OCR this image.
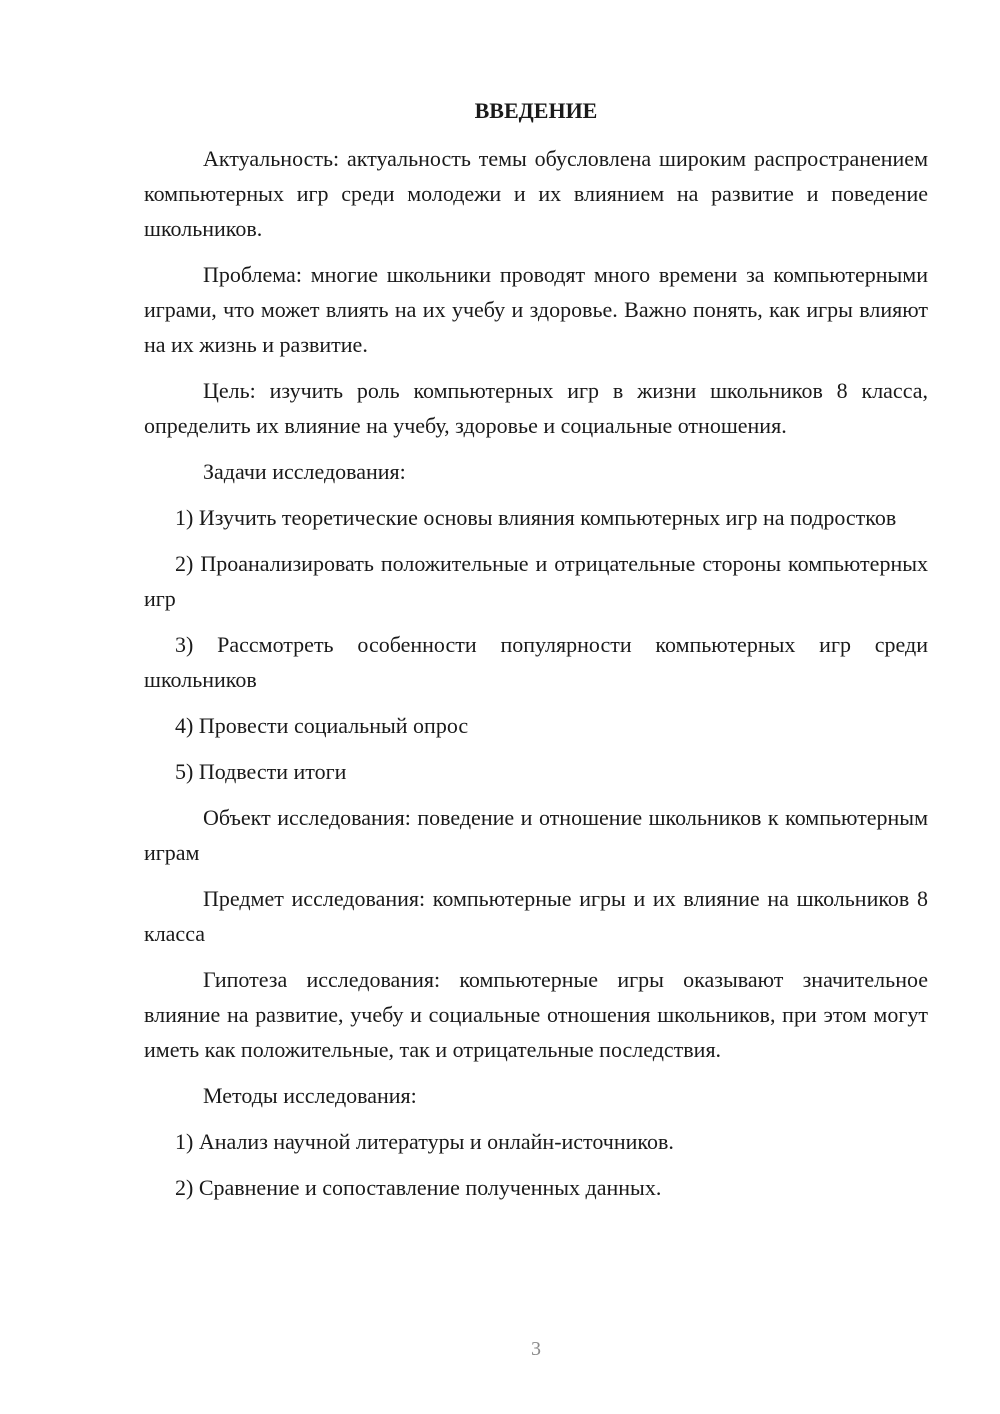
ВВЕДЕНИЕ

Актуальность: актуальность темы обусловлена широким распространением компьютерных игр среди молодежи и их влиянием на развитие и поведение школьников.

Проблема: многие школьники проводят много времени за компьютерными играми, что может влиять на их учебу и здоровье. Важно понять, как игры влияют на их жизнь и развитие.

Цель: изучить роль компьютерных игр в жизни школьников 8 класса, определить их влияние на учебу, здоровье и социальные отношения.

Задачи исследования:

1) Изучить теоретические основы влияния компьютерных игр на подростков

2) Проанализировать положительные и отрицательные стороны компьютерных игр

3) Рассмотреть особенности популярности компьютерных игр среди школьников

4) Провести социальный опрос

5) Подвести итоги

Объект исследования: поведение и отношение школьников к компьютерным играм

Предмет исследования: компьютерные игры и их влияние на школьников 8 класса

Гипотеза исследования: компьютерные игры оказывают значительное влияние на развитие, учебу и социальные отношения школьников, при этом могут иметь как положительные, так и отрицательные последствия.

Методы исследования:

1) Анализ научной литературы и онлайн-источников.

2) Сравнение и сопоставление полученных данных.

3
